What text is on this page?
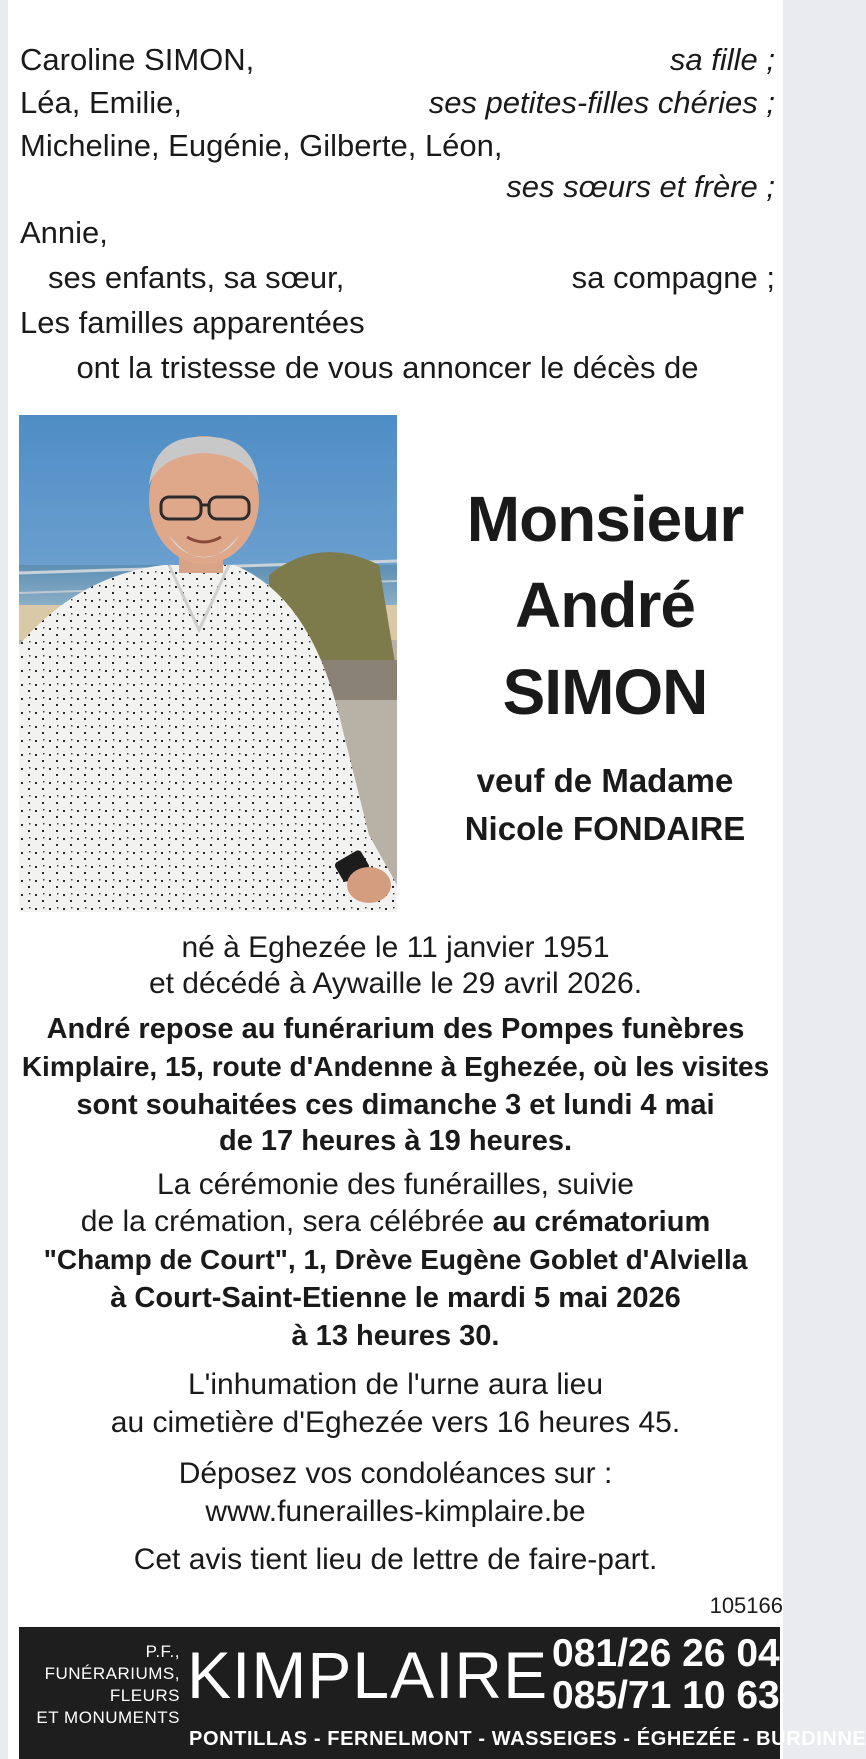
Caroline SIMON,	sa fille ;
Léa, Emilie,	ses petites-filles chéries ;
Micheline, Eugénie, Gilberte, Léon,
ses sœurs et frère ;
Annie,
ses enfants, sa sœur,	sa compagne ;
Les familles apparentées
ont la tristesse de vous annoncer le décès de
Monsieur
André
SIMON
veuf de Madame
Nicole FONDAIRE
né à Eghezée le 11 janvier 1951
et décédé à Aywaille le 29 avril 2026.
André repose au funérarium des Pompes funèbres
Kimplaire, 15, route d'Andenne à Eghezée, où les visites
sont souhaitées ces dimanche 3 et lundi 4 mai
de 17 heures à 19 heures.
La cérémonie des funérailles, suivie
de la crémation, sera célébrée au crématorium
"Champ de Court", 1, Drève Eugène Goblet d'Alviella
à Court-Saint-Etienne le mardi 5 mai 2026
à 13 heures 30.
L'inhumation de l'urne aura lieu
au cimetière d'Eghezée vers 16 heures 45.
Déposez vos condoléances sur :
www.funerailles-kimplaire.be
Cet avis tient lieu de lettre de faire-part.
105166
P.F.,
FUNÉRARIUMS,
FLEURS
ET MONUMENTS
KIMPLAIRE 081/26 26 04
085/71 10 63
PONTILLAS - FERNELMONT - WASSEIGES - ÉGHEZÉE - BURDINNE
